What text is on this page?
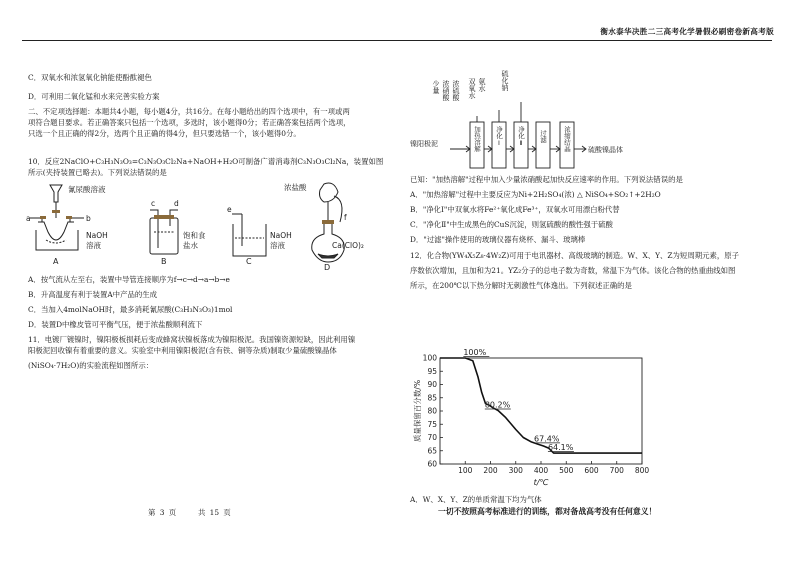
衡水泰华决胜二三高考化学暑假必刷密卷新高考版

C．双氧水和浓氢氧化钠能使酚酞褪色

D．可利用二氧化锰和水来完善实验方案

二、不定项选择题：本题共4小题，每小题4分，共16分。在每小题给出的四个选项中，有一项或两

项符合题目要求。若正确答案只包括一个选项，多选时，该小题得0分；若正确答案包括两个选项，

只选一个且正确的得2分，选两个且正确的得4分，但只要选错一个，该小题得0分。

10．反应2NaClO+C₃H₃N₃O₃=C₃N₃O₃Cl₂Na+NaOH+H₂O可制备广谱消毒剂C₃N₃O₃Cl₂Na，装置如图

所示(夹持装置已略去)。下列说法错误的是

氰尿酸溶液
a	b
NaOH
溶液
A
c	d
饱和食
盐水
B
e
NaOH
溶液
C
浓盐酸
f
Ca(ClO)₂
D

A．按气流从左至右，装置中导管连接顺序为f→c→d→a→b→e

B．升高温度有利于装置A中产品的生成

C．当加入4molNaOH时，最多消耗氰尿酸(C₃H₃N₃O₃)1mol

D．装置D中橡皮管可平衡气压，便于浓盐酸顺利流下

11．电镀厂镀镍时，镍阳极板损耗后变成蜂窝状镍板落成为镍阳极泥。我国镍资源短缺，因此利用镍

阳极泥回收镍有着重要的意义。实验室中利用镍阳极泥(含有铁、铜等杂质)制取少量硫酸镍晶体

(NiSO₄·7H₂O)的实验流程如图所示：

少量 浓硝酸 浓硫酸 双氧水 氨水 硫化钠
镍阳极泥	加热溶解 净化Ⅰ 净化Ⅱ 过滤 浓缩结晶 硫酸镍晶体

已知："加热溶解"过程中加入少量浓硝酸起加快反应速率的作用。下列说法错误的是

A．"加热溶解"过程中主要反应为Ni+2H₂SO₄(浓) △ NiSO₄+SO₂↑+2H₂O

B．"净化Ⅰ"中双氧水将Fe²⁺氧化成Fe³⁺，双氧水可用漂白粉代替

C．"净化Ⅱ"中生成黑色的CuS沉淀，则氢硫酸的酸性强于硫酸

D．"过滤"操作使用的玻璃仪器有烧杯、漏斗、玻璃棒

12．化合物(YW₄X₅Z₈·4W₂Z)可用于电讯器材、高级玻璃的制造。W、X、Y、Z为短周期元素，原子

序数依次增加，且加和为21。YZ₂分子的总电子数为奇数，常温下为气体。该化合物的热重曲线如图

所示，在200℃以下热分解时无刺激性气体逸出。下列叙述正确的是

60
65
70
75
80
85
90
95
100
100 200 300 400 500 600 700 800
100%
80.2%
67.4%
64.1%
t/℃
质量保留百分数/%

A．W、X、Y、Z的单质常温下均为气体

第 3 页	共 15 页	一切不按照高考标准进行的训练，都对备战高考没有任何意义！
